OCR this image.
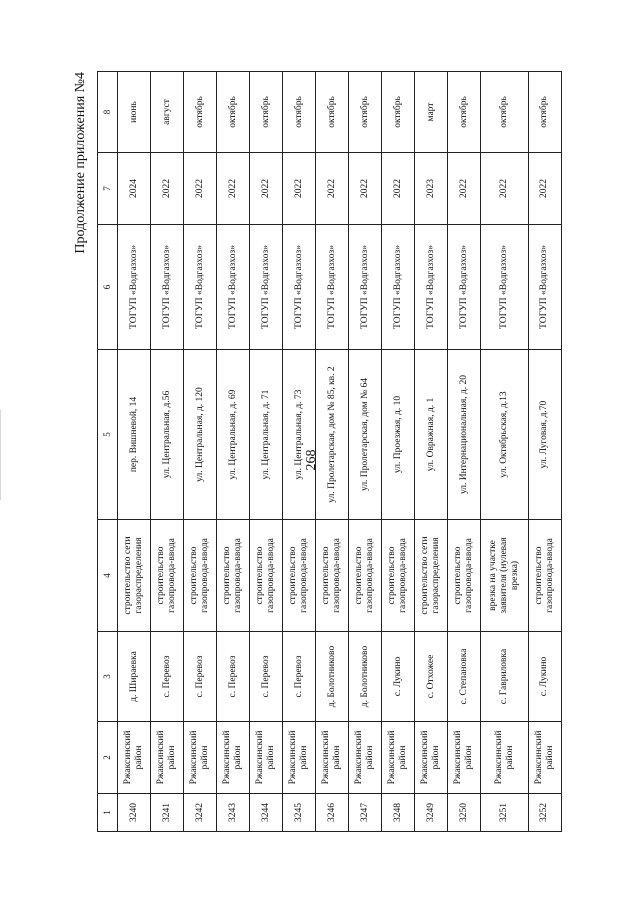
268
Продолжение приложения №4
1	2	3	4	5	6	7	8
3240	Ржаксинский район	д. Шираевка	строительство сети газораспределения	пер. Вишневой, 14	ТОГУП «Водгазхоз»	2024	июнь
3241	Ржаксинский район	с. Перевоз	строительство газопровода-ввода	ул. Центральная, д.56	ТОГУП «Водгазхоз»	2022	август
3242	Ржаксинский район	с. Перевоз	строительство газопровода-ввода	ул. Центральная, д. 120	ТОГУП «Водгазхоз»	2022	октябрь
3243	Ржаксинский район	с. Перевоз	строительство газопровода-ввода	ул. Центральная, д. 69	ТОГУП «Водгазхоз»	2022	октябрь
3244	Ржаксинский район	с. Перевоз	строительство газопровода-ввода	ул. Центральная, д. 71	ТОГУП «Водгазхоз»	2022	октябрь
3245	Ржаксинский район	с. Перевоз	строительство газопровода-ввода	ул. Центральная, д. 73	ТОГУП «Водгазхоз»	2022	октябрь
3246	Ржаксинский район	д. Болотниково	строительство газопровода-ввода	ул. Пролетарская, дом № 85, кв. 2	ТОГУП «Водгазхоз»	2022	октябрь
3247	Ржаксинский район	д. Болотниково	строительство газопровода-ввода	ул. Пролетарская, дом № 64	ТОГУП «Водгазхоз»	2022	октябрь
3248	Ржаксинский район	с. Лукино	строительство газопровода-ввода	ул. Проезжая, д. 10	ТОГУП «Водгазхоз»	2022	октябрь
3249	Ржаксинский район	с. Отхожее	строительство сети газораспределения	ул. Овражная, д. 1	ТОГУП «Водгазхоз»	2023	март
3250	Ржаксинский район	с. Степановка	строительство газопровода-ввода	ул. Интернациональная, д. 20	ТОГУП «Водгазхоз»	2022	октябрь
3251	Ржаксинский район	с. Гавриловка	врезка на участке заявителя (нулевая врезка)	ул. Октябрьская, д.13	ТОГУП «Водгазхоз»	2022	октябрь
3252	Ржаксинский район	с. Лукино	строительство газопровода-ввода	ул. Луговая, д.70	ТОГУП «Водгазхоз»	2022	октябрь
